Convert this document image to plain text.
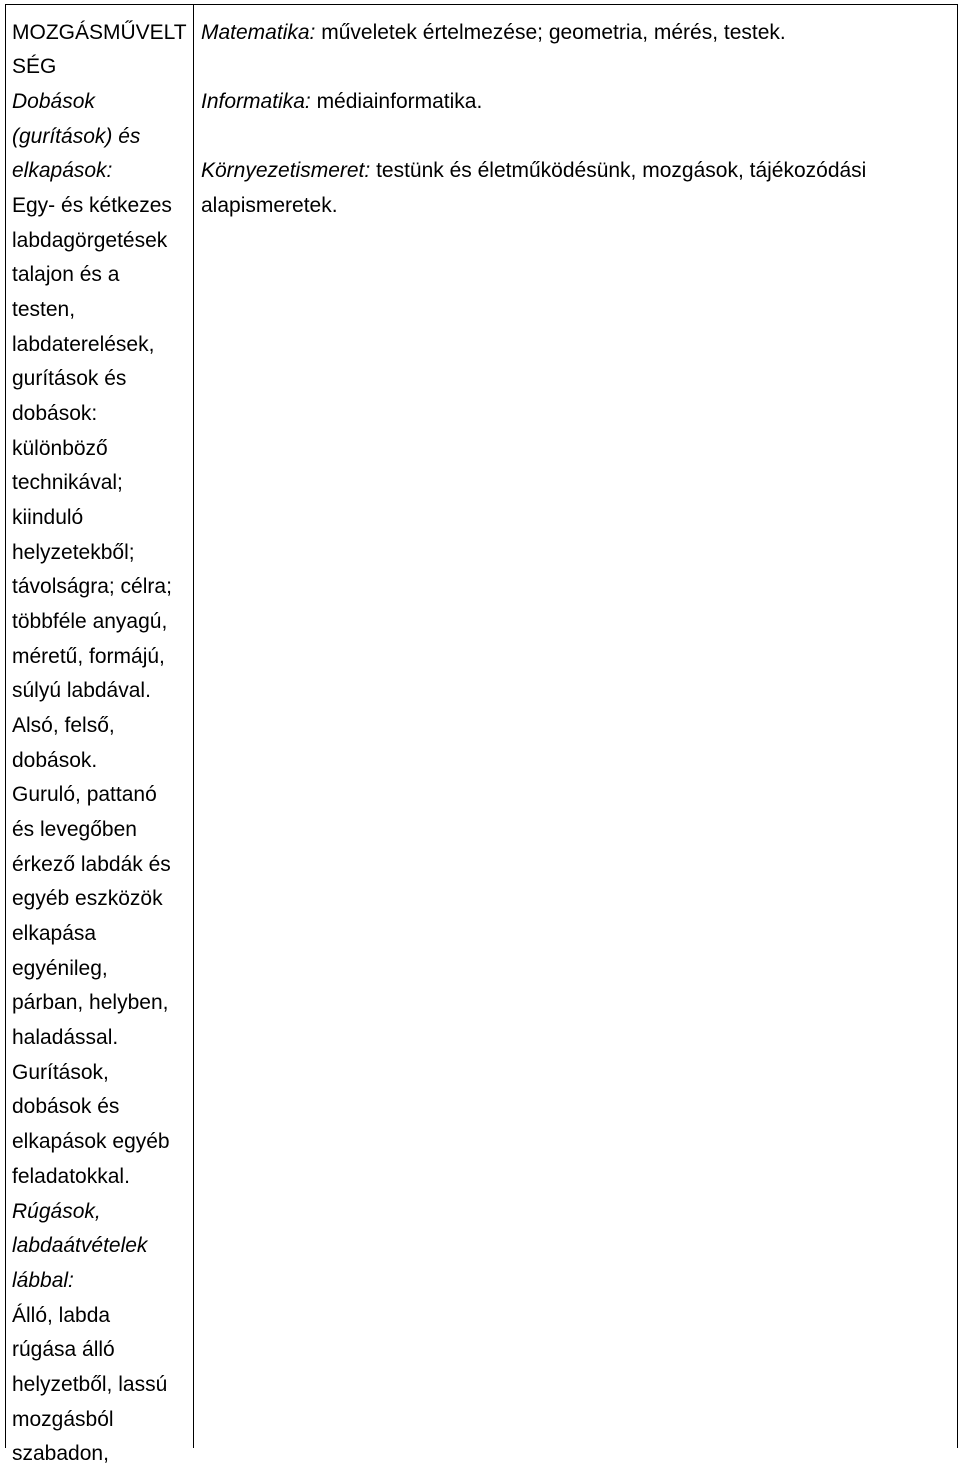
MOZGÁSMŰVELT
SÉG
Dobások
(gurítások) és
elkapások:
Egy- és kétkezes
labdagörgetések
talajon és a
testen,
labdaterelések,
gurítások és
dobások:
különböző
technikával;
kiinduló
helyzetekből;
távolságra; célra;
többféle anyagú,
méretű, formájú,
súlyú labdával.
Alsó, felső,
dobások.
Guruló, pattanó
és levegőben
érkező labdák és
egyéb eszközök
elkapása
egyénileg,
párban, helyben,
haladással.
Gurítások,
dobások és
elkapások egyéb
feladatokkal.
Rúgások,
labdaátvételek
lábbal:
Álló, labda
rúgása álló
helyzetből, lassú
mozgásból
szabadon,

Matematika: műveletek értelmezése; geometria, mérés, testek.

Informatika: médiainformatika.

Környezetismeret: testünk és életműködésünk, mozgások, tájékozódási alapismeretek.
